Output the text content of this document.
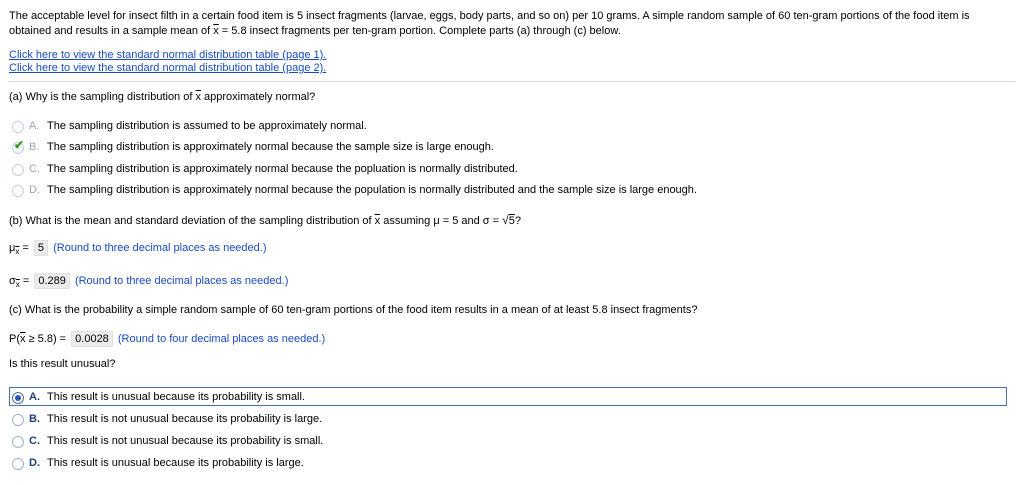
The acceptable level for insect filth in a certain food item is 5 insect fragments (larvae, eggs, body parts, and so on) per 10 grams. A simple random sample of 60 ten-gram portions of the food item is obtained and results in a sample mean of $\overline{x} = 5.8$ insect fragments per ten-gram portion. Complete parts (a) through (c) below.
Click here to view the standard normal distribution table (page 1).
Click here to view the standard normal distribution table (page 2).
(a) Why is the sampling distribution of $\overline{x}$ approximately normal?
A. The sampling distribution is assumed to be approximately normal.
✔ B. The sampling distribution is approximately normal because the sample size is large enough.
C. The sampling distribution is approximately normal because the popluation is normally distributed.
D. The sampling distribution is approximately normal because the population is normally distributed and the sample size is large enough.
(b) What is the mean and standard deviation of the sampling distribution of $\overline{x}$ assuming μ = 5 and σ = √5?
$\mu_{\overline{x}} = 5$ (Round to three decimal places as needed.)
$\sigma_{\overline{x}} = 0.289$ (Round to three decimal places as needed.)
(c) What is the probability a simple random sample of 60 ten-gram portions of the food item results in a mean of at least 5.8 insect fragments?
$P(\overline{x} \ge 5.8) = 0.0028$ (Round to four decimal places as needed.)
Is this result unusual?
A. This result is unusual because its probability is small.
B. This result is not unusual because its probability is large.
C. This result is not unusual because its probability is small.
D. This result is unusual because its probability is large.
